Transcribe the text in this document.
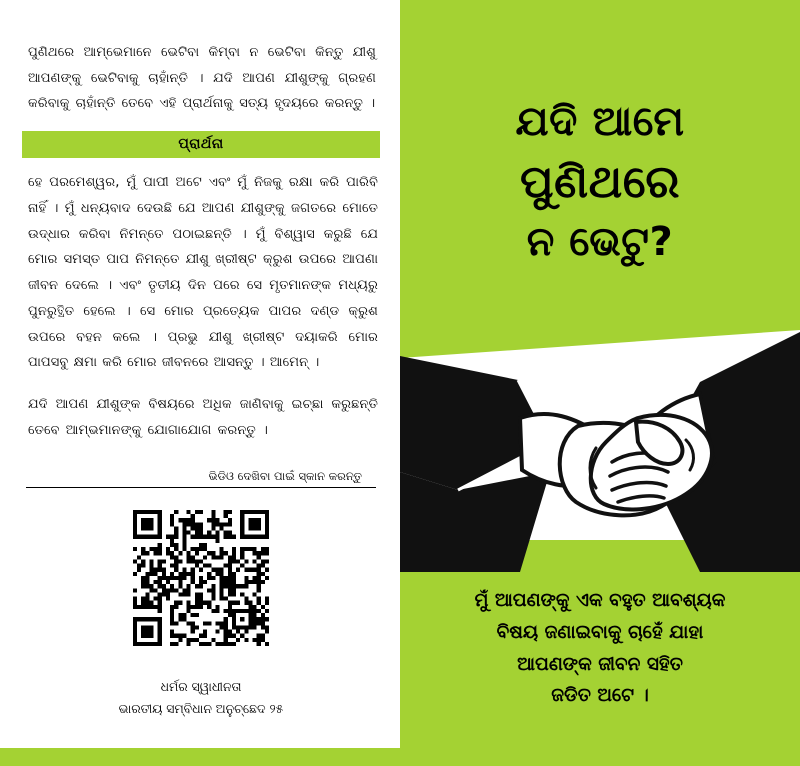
ପୁଣିଥରେ ଆମ୍ଭେମାନେ ଭେଟିବା କିମ୍ବା ନ ଭେଟିବା କିନ୍ତୁ ଯୀଶୁ ଆପଣଙ୍କୁ ଭେଟିବାକୁ ଚାହାଁନ୍ତି । ଯଦି ଆପଣ ଯୀଶୁଙ୍କୁ ଗ୍ରହଣ କରିବାକୁ ଚାହାଁନ୍ତି ତେବେ ଏହି ପ୍ରାର୍ଥନାକୁ ସତ୍ୟ ହୃଦୟରେ କରନ୍ତୁ ।

ପ୍ରାର୍ଥନା

ହେ ପରମେଶ୍ୱର, ମୁଁ ପାପୀ ଅଟେ ଏବଂ ମୁଁ ନିଜକୁ ରକ୍ଷା କରି ପାରିବି ନାହିଁ । ମୁଁ ଧନ୍ୟବାଦ ଦେଉଛି ଯେ ଆପଣ ଯୀଶୁଙ୍କୁ ଜଗତରେ ମୋତେ ଉଦ୍ଧାର କରିବା ନିମନ୍ତେ ପଠାଇଛନ୍ତି । ମୁଁ ବିଶ୍ୱାସ କରୁଛି ଯେ ମୋର ସମସ୍ତ ପାପ ନିମନ୍ତେ ଯୀଶୁ ଖ୍ରୀଷ୍ଟ କ୍ରୁଶ ଉପରେ ଆପଣା ଜୀବନ ଦେଲେ । ଏବଂ ତୃତୀୟ ଦିନ ପରେ ସେ ମୃତମାନଙ୍କ ମଧ୍ୟରୁ ପୁନରୁତ୍ଥିତ ହେଲେ । ସେ ମୋର ପ୍ରତ୍ୟେକ ପାପର ଦଣ୍ଡ କ୍ରୁଶ ଉପରେ ବହନ କଲେ । ପ୍ରଭୁ ଯୀଶୁ ଖ୍ରୀଷ୍ଟ ଦୟାକରି ମୋର ପାପସବୁ କ୍ଷମା କରି ମୋର ଜୀବନରେ ଆସନ୍ତୁ । ଆମେନ୍ ।

ଯଦି ଆପଣ ଯୀଶୁଙ୍କ ବିଷୟରେ ଅଧିକ ଜାଣିବାକୁ ଇଚ୍ଛା କରୁଛନ୍ତି ତେବେ ଆମ୍ଭମାନଙ୍କୁ ଯୋଗାଯୋଗ କରନ୍ତୁ ।

ଭିଡିଓ ଦେଖିବା ପାଇଁ ସ୍କାନ କରନ୍ତୁ
ଧର୍ମର ସ୍ୱାଧୀନତା
ଭାରତୀୟ ସମ୍ବିଧାନ ଅନୁଚ୍ଛେଦ ୨୫
ଯଦି ଆମେ
ପୁଣିଥରେ
ନ ଭେଟୁ?
ମୁଁ ଆପଣଙ୍କୁ ଏକ ବହୁତ ଆବଶ୍ୟକ
ବିଷୟ ଜଣାଇବାକୁ ଚାହେଁ ଯାହା
ଆପଣଙ୍କ ଜୀବନ ସହିତ
ଜଡିତ ଅଟେ ।
